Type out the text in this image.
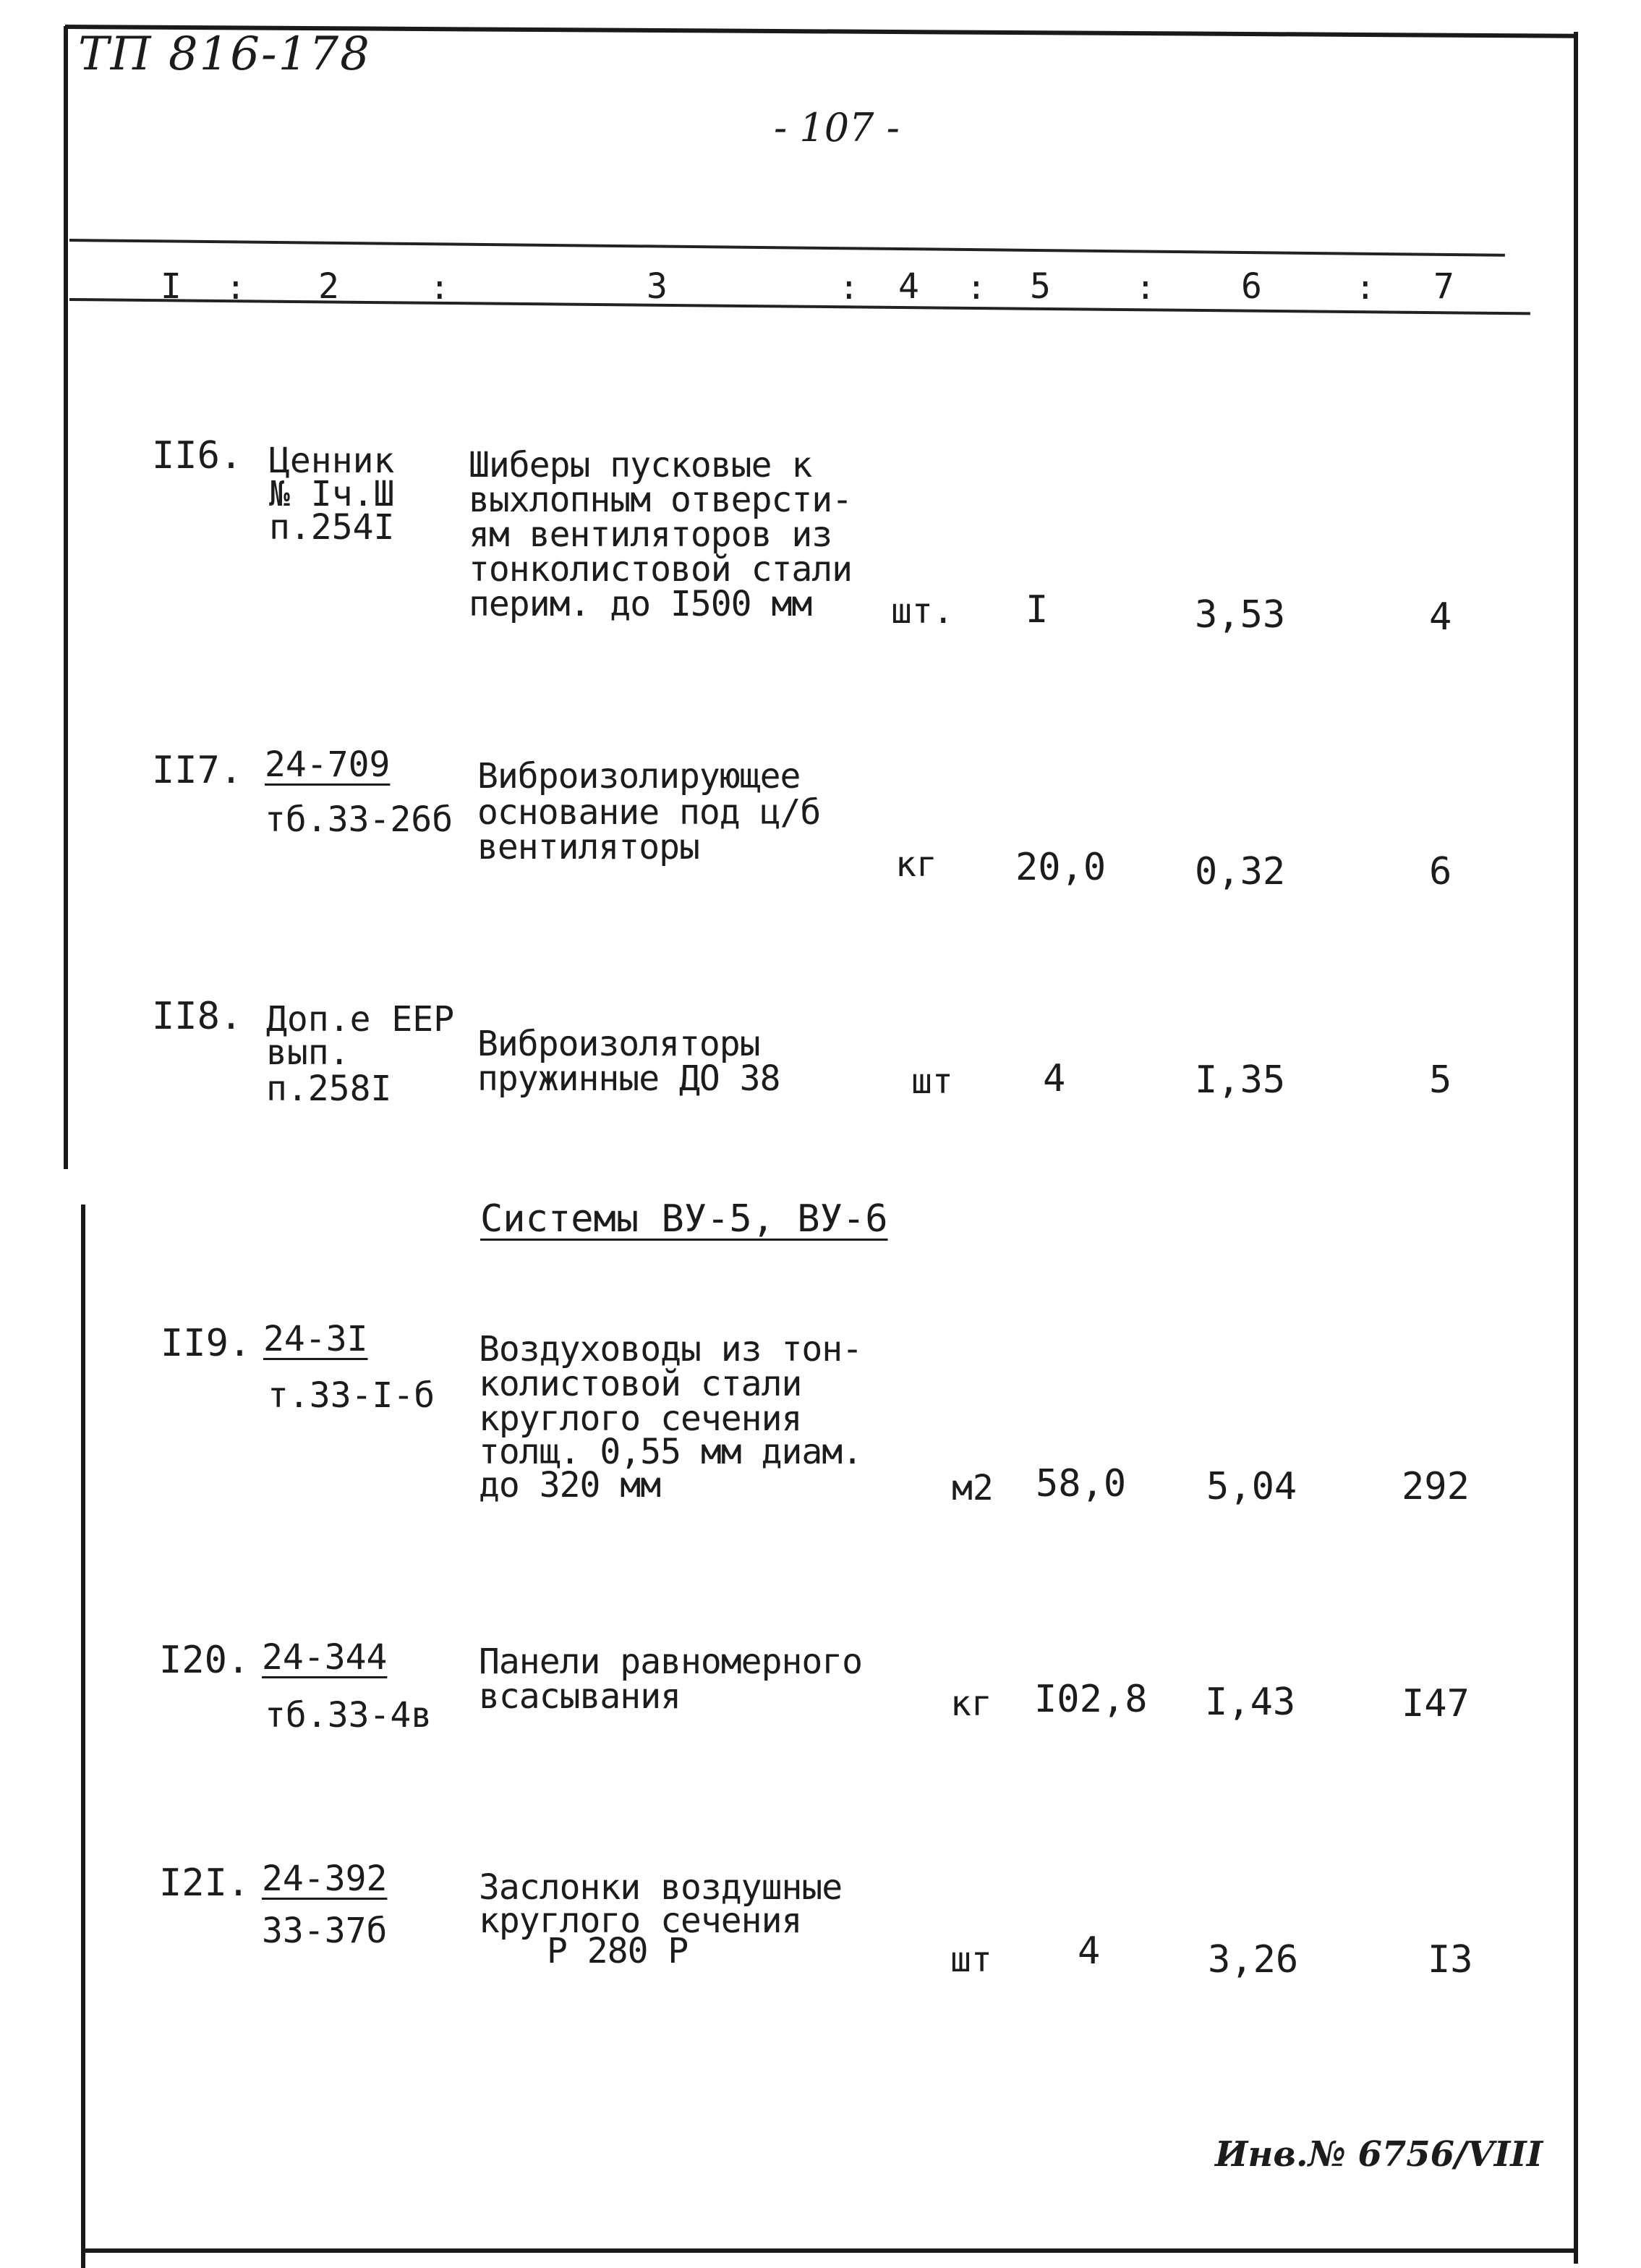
ТП 816-178
- 107 -
I : 2	:	3	: 4 : 5	: 6	: 7
II6. Ценник
№ Iч.Ш
п.254I
Шиберы пусковые к
выхлопным отверсти-
ям вентиляторов из
тонколистовой стали
перим. до I500 мм шт. I	3,53	4
II7. 24-709
тб.33-26б
Виброизолирующее
основание под ц/б
вентиляторы	кг 20,0 0,32	6
II8. Доп.е ЕЕР
вып.
п.258I
Виброизоляторы
пружинные ДО 38	шт 4	I,35	5
Системы ВУ-5, ВУ-6
II9. 24-3I
т.33-I-б
Воздуховоды из тон-
колистовой стали
круглого сечения
толщ. 0,55 мм диам.
до 320 мм	м2 58,0 5,04	292
I20. 24-344
тб.33-4в
Панели равномерного
всасывания	кг I02,8 I,43	I47
I2I. 24-392
33-37б
Заслонки воздушные
круглого сечения
Р 280 Р	шт 4	3,26	I3
Инв.№ 6756/VIII
